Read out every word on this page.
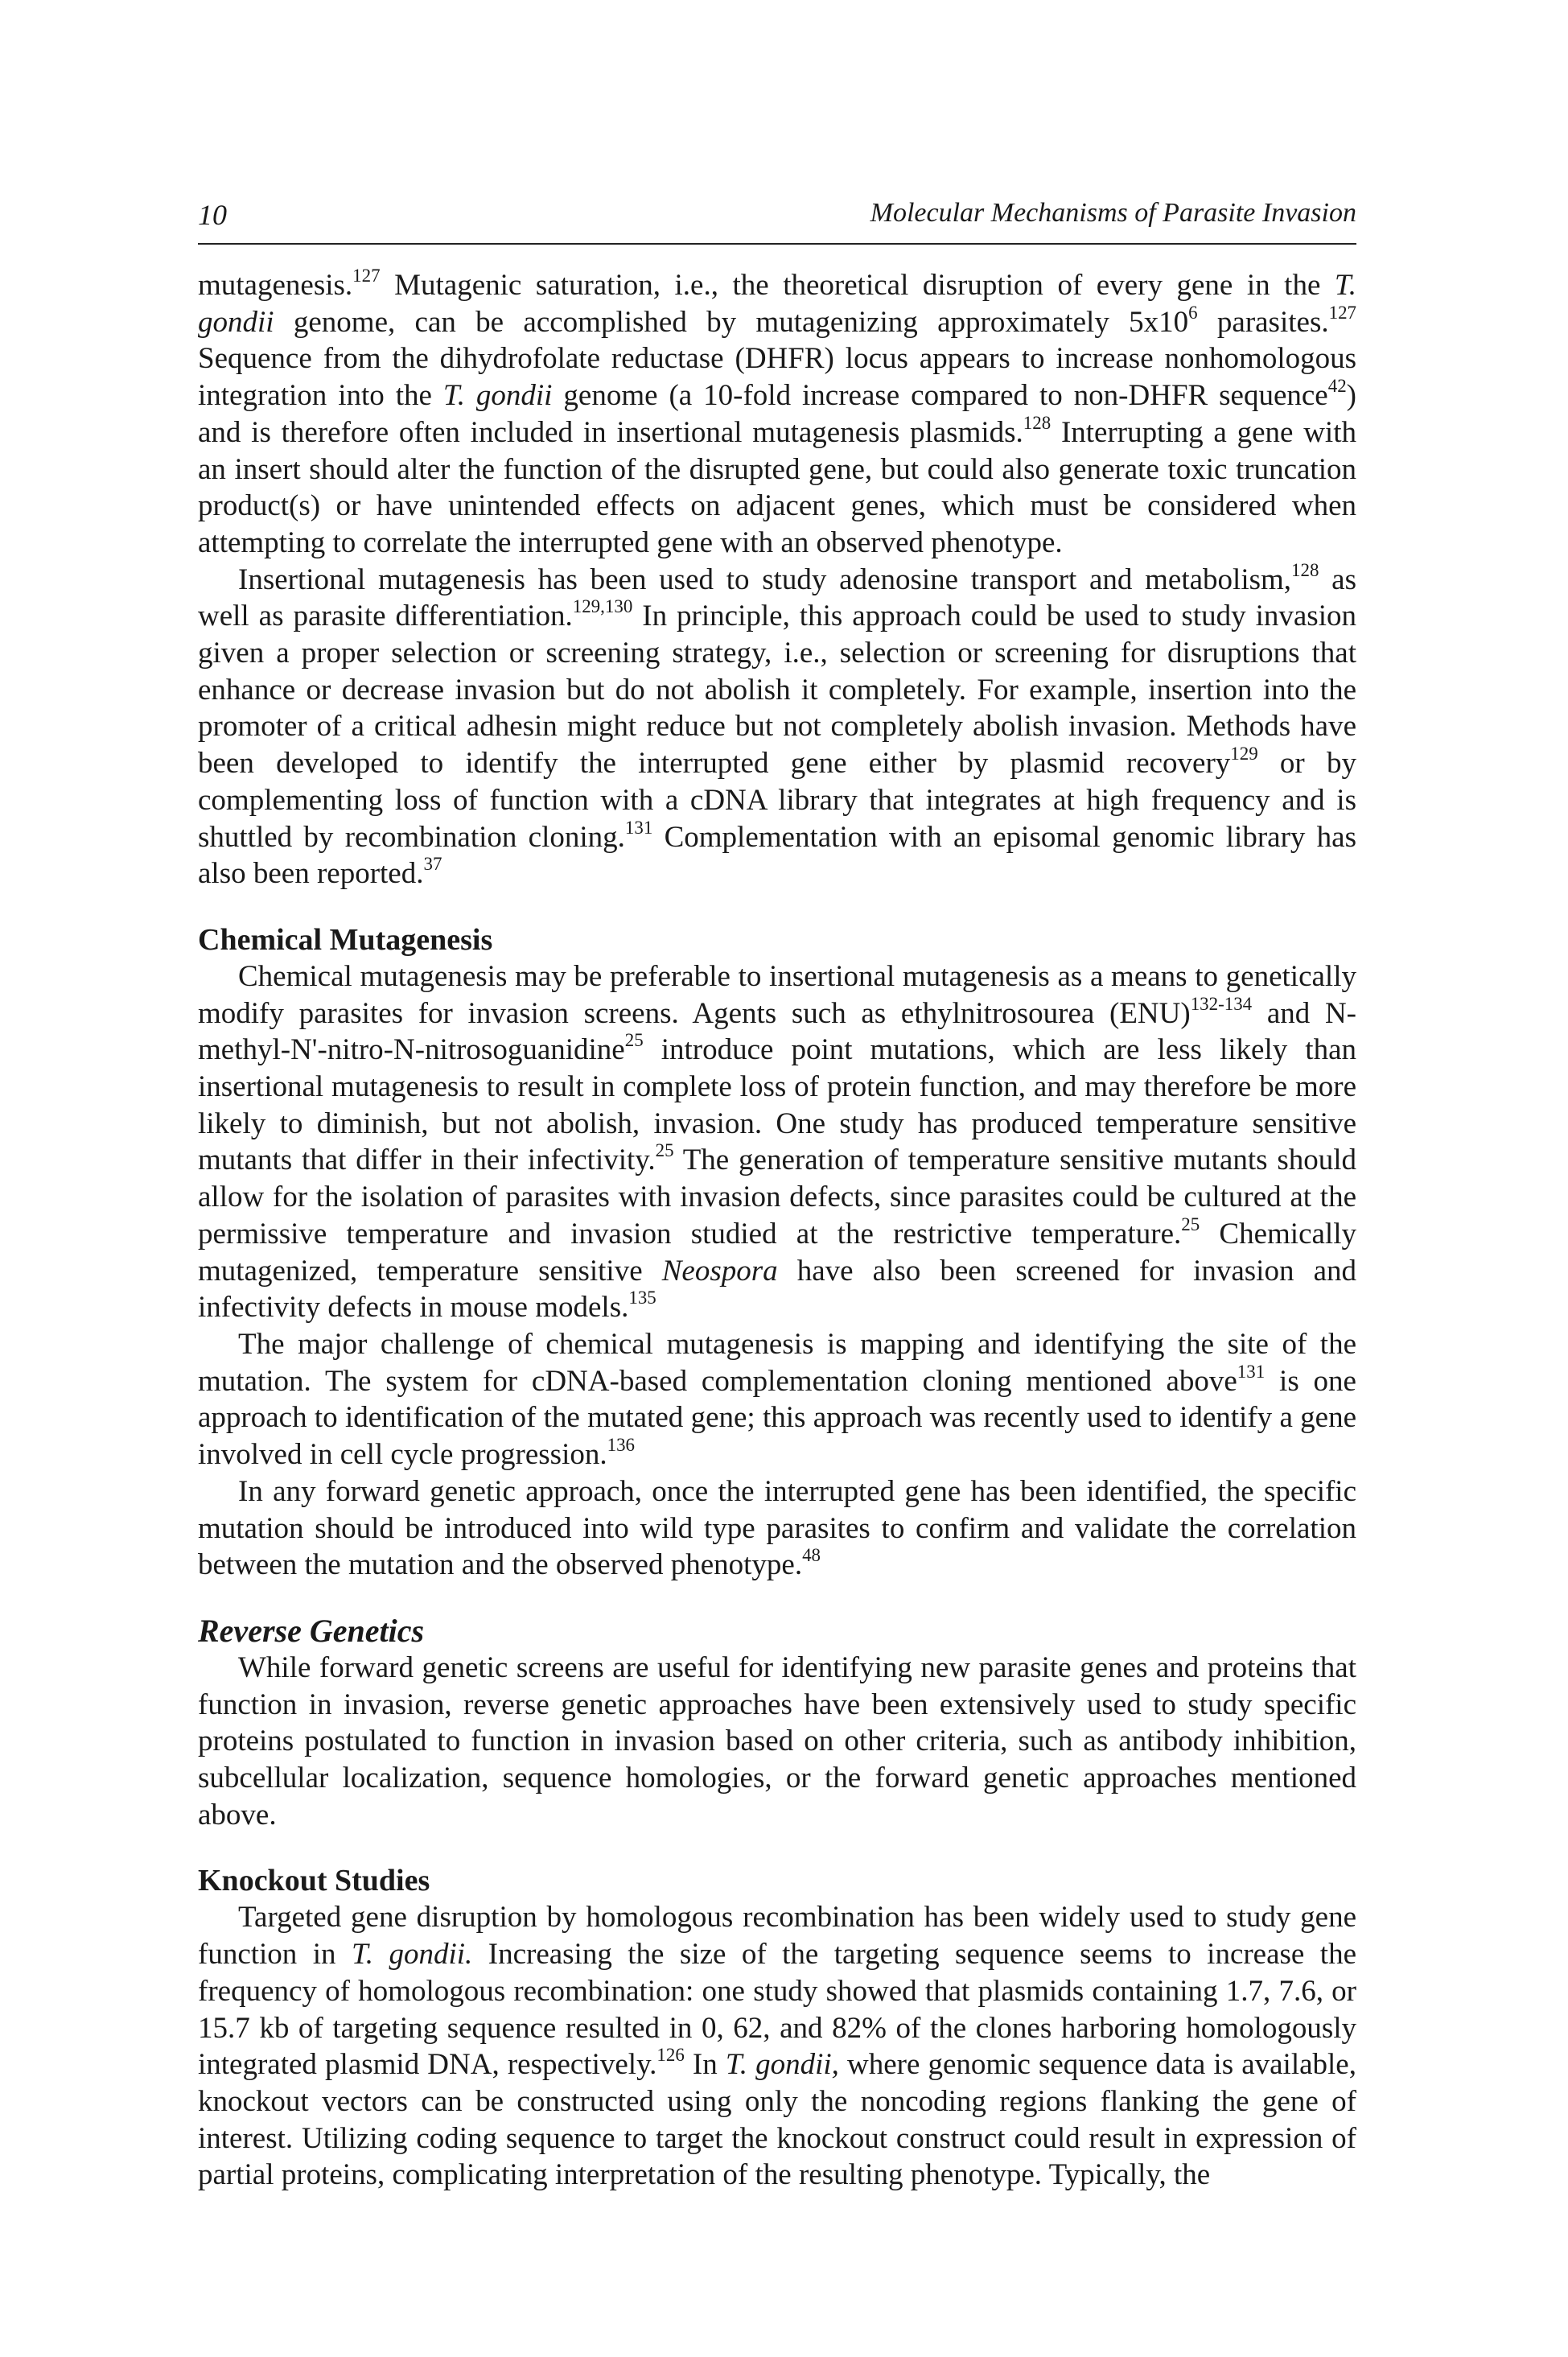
10	Molecular Mechanisms of Parasite Invasion

mutagenesis.$^{127}$ Mutagenic saturation, i.e., the theoretical disruption of every gene in the T. gondii genome, can be accomplished by mutagenizing approximately $5x10^6$ parasites.$^{127}$ Sequence from the dihydrofolate reductase (DHFR) locus appears to increase nonhomologous integration into the T. gondii genome (a 10-fold increase compared to non-DHFR sequence$^{42}$) and is therefore often included in insertional mutagenesis plasmids.$^{128}$ Interrupting a gene with an insert should alter the function of the disrupted gene, but could also generate toxic truncation product(s) or have unintended effects on adjacent genes, which must be considered when attempting to correlate the interrupted gene with an observed phenotype.

Insertional mutagenesis has been used to study adenosine transport and metabolism,$^{128}$ as well as parasite differentiation.$^{129,130}$ In principle, this approach could be used to study invasion given a proper selection or screening strategy, i.e., selection or screening for disruptions that enhance or decrease invasion but do not abolish it completely. For example, insertion into the promoter of a critical adhesin might reduce but not completely abolish invasion. Methods have been developed to identify the interrupted gene either by plasmid recovery$^{129}$ or by complementing loss of function with a cDNA library that integrates at high frequency and is shuttled by recombination cloning.$^{131}$ Complementation with an episomal genomic library has also been reported.$^{37}$

Chemical Mutagenesis

Chemical mutagenesis may be preferable to insertional mutagenesis as a means to genetically modify parasites for invasion screens. Agents such as ethylnitrosourea (ENU)$^{132-134}$ and N-methyl-N'-nitro-N-nitrosoguanidine$^{25}$ introduce point mutations, which are less likely than insertional mutagenesis to result in complete loss of protein function, and may therefore be more likely to diminish, but not abolish, invasion. One study has produced temperature sensitive mutants that differ in their infectivity.$^{25}$ The generation of temperature sensitive mutants should allow for the isolation of parasites with invasion defects, since parasites could be cultured at the permissive temperature and invasion studied at the restrictive temperature.$^{25}$ Chemically mutagenized, temperature sensitive Neospora have also been screened for invasion and infectivity defects in mouse models.$^{135}$

The major challenge of chemical mutagenesis is mapping and identifying the site of the mutation. The system for cDNA-based complementation cloning mentioned above$^{131}$ is one approach to identification of the mutated gene; this approach was recently used to identify a gene involved in cell cycle progression.$^{136}$

In any forward genetic approach, once the interrupted gene has been identified, the specific mutation should be introduced into wild type parasites to confirm and validate the correlation between the mutation and the observed phenotype.$^{48}$

Reverse Genetics

While forward genetic screens are useful for identifying new parasite genes and proteins that function in invasion, reverse genetic approaches have been extensively used to study specific proteins postulated to function in invasion based on other criteria, such as antibody inhibition, subcellular localization, sequence homologies, or the forward genetic approaches mentioned above.

Knockout Studies

Targeted gene disruption by homologous recombination has been widely used to study gene function in T. gondii. Increasing the size of the targeting sequence seems to increase the frequency of homologous recombination: one study showed that plasmids containing 1.7, 7.6, or 15.7 kb of targeting sequence resulted in 0, 62, and 82% of the clones harboring homologously integrated plasmid DNA, respectively.$^{126}$ In T. gondii, where genomic sequence data is available, knockout vectors can be constructed using only the noncoding regions flanking the gene of interest. Utilizing coding sequence to target the knockout construct could result in expression of partial proteins, complicating interpretation of the resulting phenotype. Typically, the
